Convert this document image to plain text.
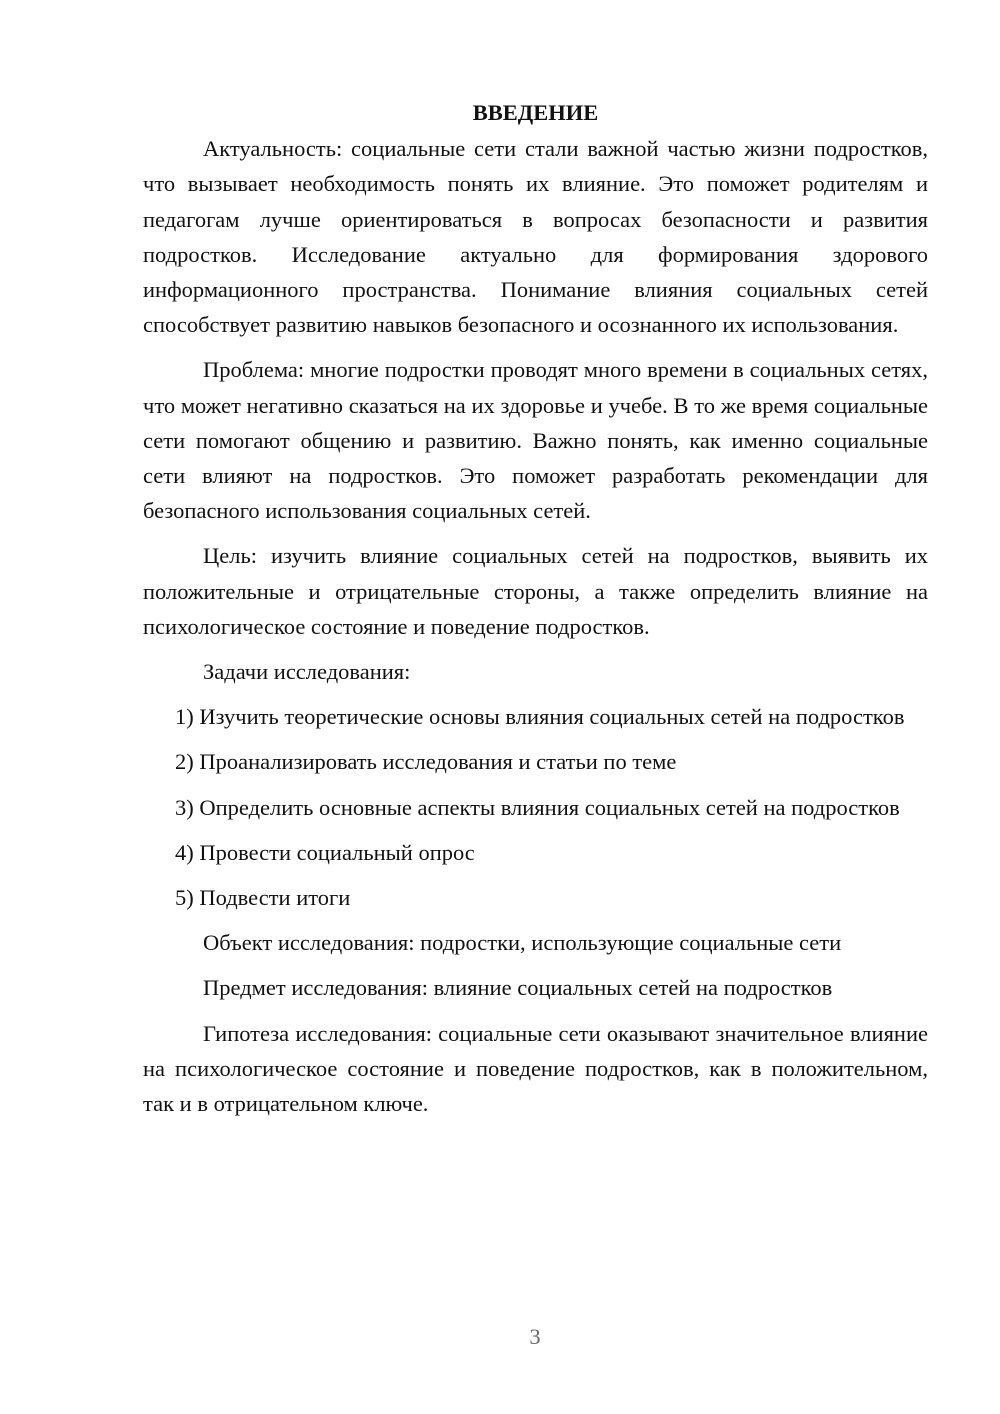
ВВЕДЕНИЕ

Актуальность: социальные сети стали важной частью жизни подростков, что вызывает необходимость понять их влияние. Это поможет родителям и педагогам лучше ориентироваться в вопросах безопасности и развития подростков. Исследование актуально для формирования здорового информационного пространства. Понимание влияния социальных сетей способствует развитию навыков безопасного и осознанного их использования.

Проблема: многие подростки проводят много времени в социальных сетях, что может негативно сказаться на их здоровье и учебе. В то же время социальные сети помогают общению и развитию. Важно понять, как именно социальные сети влияют на подростков. Это поможет разработать рекомендации для безопасного использования социальных сетей.

Цель: изучить влияние социальных сетей на подростков, выявить их положительные и отрицательные стороны, а также определить влияние на психологическое состояние и поведение подростков.

Задачи исследования:

1) Изучить теоретические основы влияния социальных сетей на подростков

2) Проанализировать исследования и статьи по теме

3) Определить основные аспекты влияния социальных сетей на подростков

4) Провести социальный опрос

5) Подвести итоги

Объект исследования: подростки, использующие социальные сети

Предмет исследования: влияние социальных сетей на подростков

Гипотеза исследования: социальные сети оказывают значительное влияние на психологическое состояние и поведение подростков, как в положительном, так и в отрицательном ключе.

3
